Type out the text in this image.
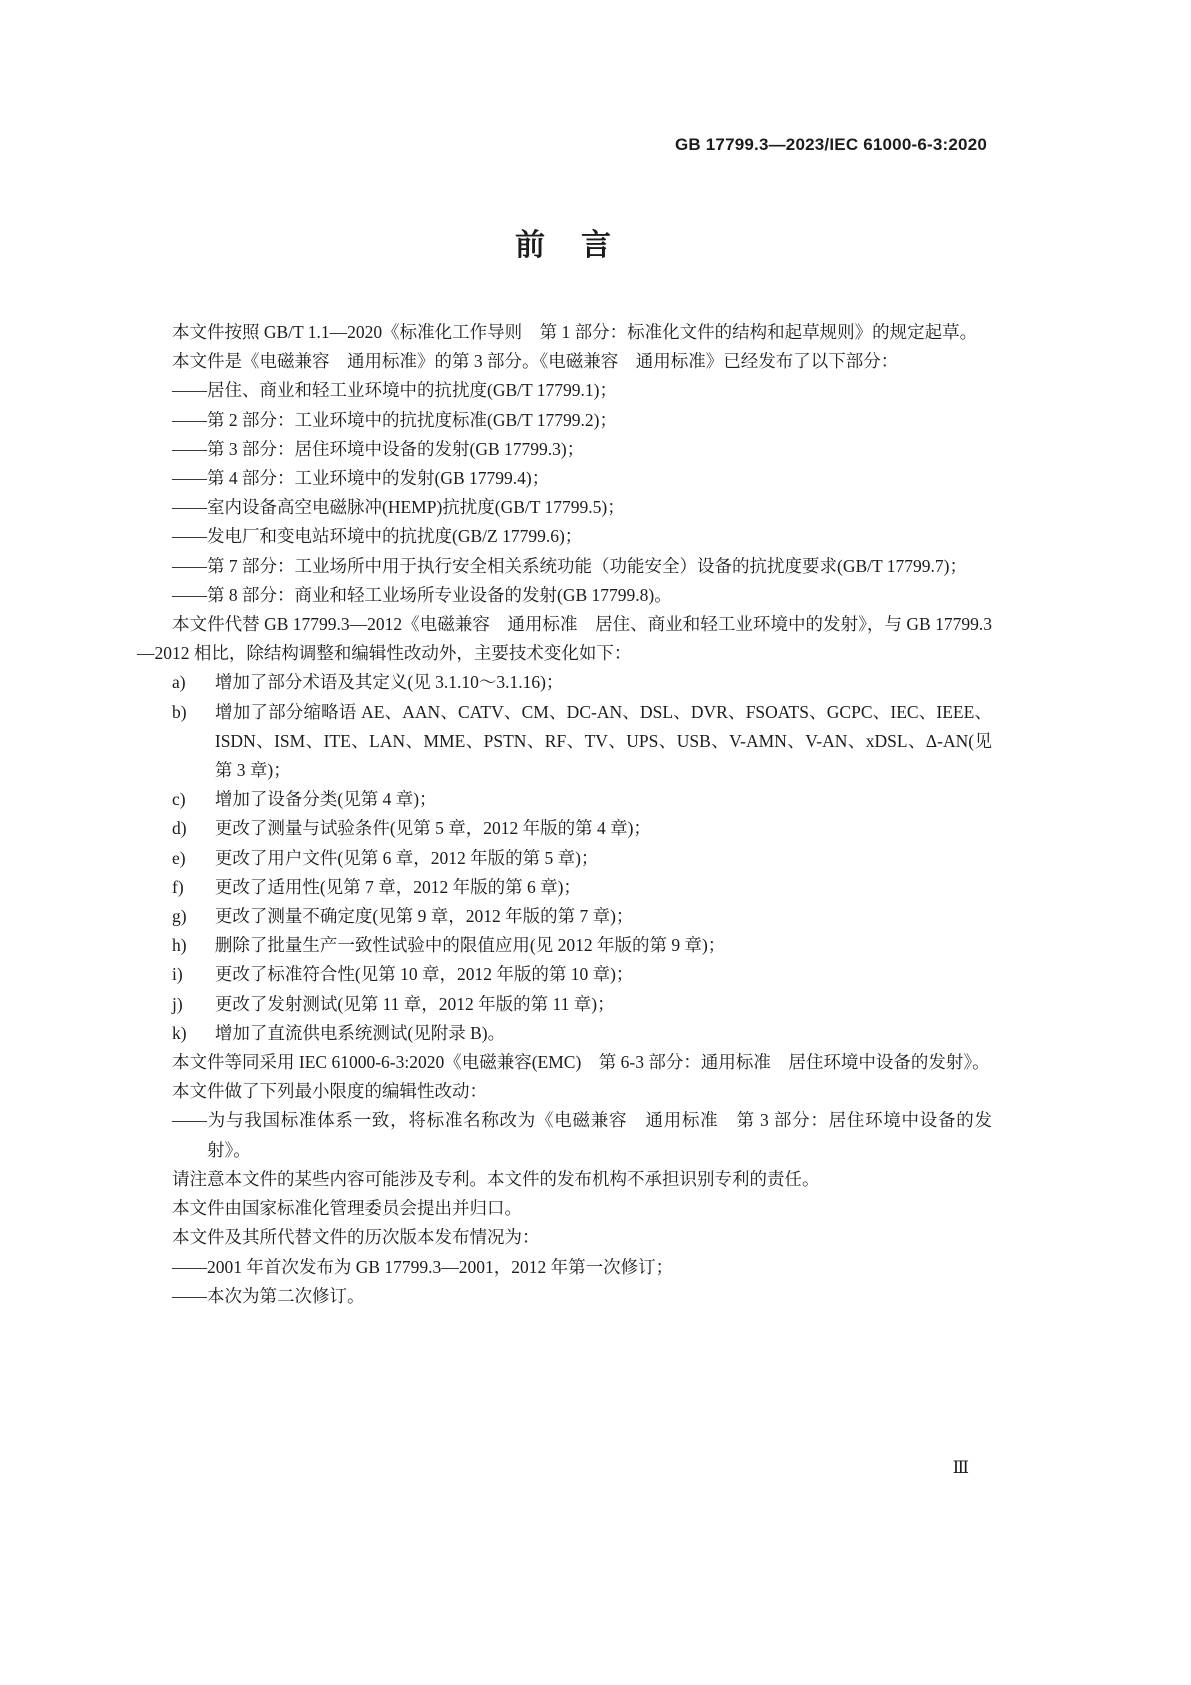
GB 17799.3—2023/IEC 61000-6-3:2020
前　言
本文件按照 GB/T 1.1—2020《标准化工作导则　第 1 部分：标准化文件的结构和起草规则》的规定起草。
本文件是《电磁兼容　通用标准》的第 3 部分。《电磁兼容　通用标准》已经发布了以下部分：
——居住、商业和轻工业环境中的抗扰度(GB/T 17799.1)；
——第 2 部分：工业环境中的抗扰度标准(GB/T 17799.2)；
——第 3 部分：居住环境中设备的发射(GB 17799.3)；
——第 4 部分：工业环境中的发射(GB 17799.4)；
——室内设备高空电磁脉冲(HEMP)抗扰度(GB/T 17799.5)；
——发电厂和变电站环境中的抗扰度(GB/Z 17799.6)；
——第 7 部分：工业场所中用于执行安全相关系统功能（功能安全）设备的抗扰度要求(GB/T 17799.7)；
——第 8 部分：商业和轻工业场所专业设备的发射(GB 17799.8)。
本文件代替 GB 17799.3—2012《电磁兼容　通用标准　居住、商业和轻工业环境中的发射》，与 GB 17799.3—2012 相比，除结构调整和编辑性改动外，主要技术变化如下：
a) 增加了部分术语及其定义(见 3.1.10～3.1.16)；
b) 增加了部分缩略语 AE、AAN、CATV、CM、DC-AN、DSL、DVR、FSOATS、GCPC、IEC、IEEE、ISDN、ISM、ITE、LAN、MME、PSTN、RF、TV、UPS、USB、V-AMN、V-AN、xDSL、Δ-AN(见第 3 章)；
c) 增加了设备分类(见第 4 章)；
d) 更改了测量与试验条件(见第 5 章，2012 年版的第 4 章)；
e) 更改了用户文件(见第 6 章，2012 年版的第 5 章)；
f) 更改了适用性(见第 7 章，2012 年版的第 6 章)；
g) 更改了测量不确定度(见第 9 章，2012 年版的第 7 章)；
h) 删除了批量生产一致性试验中的限值应用(见 2012 年版的第 9 章)；
i) 更改了标准符合性(见第 10 章，2012 年版的第 10 章)；
j) 更改了发射测试(见第 11 章，2012 年版的第 11 章)；
k) 增加了直流供电系统测试(见附录 B)。
本文件等同采用 IEC 61000-6-3:2020《电磁兼容(EMC)　第 6-3 部分：通用标准　居住环境中设备的发射》。
本文件做了下列最小限度的编辑性改动：
——为与我国标准体系一致，将标准名称改为《电磁兼容　通用标准　第 3 部分：居住环境中设备的发射》。
请注意本文件的某些内容可能涉及专利。本文件的发布机构不承担识别专利的责任。
本文件由国家标准化管理委员会提出并归口。
本文件及其所代替文件的历次版本发布情况为：
——2001 年首次发布为 GB 17799.3—2001，2012 年第一次修订；
——本次为第二次修订。
Ⅲ
